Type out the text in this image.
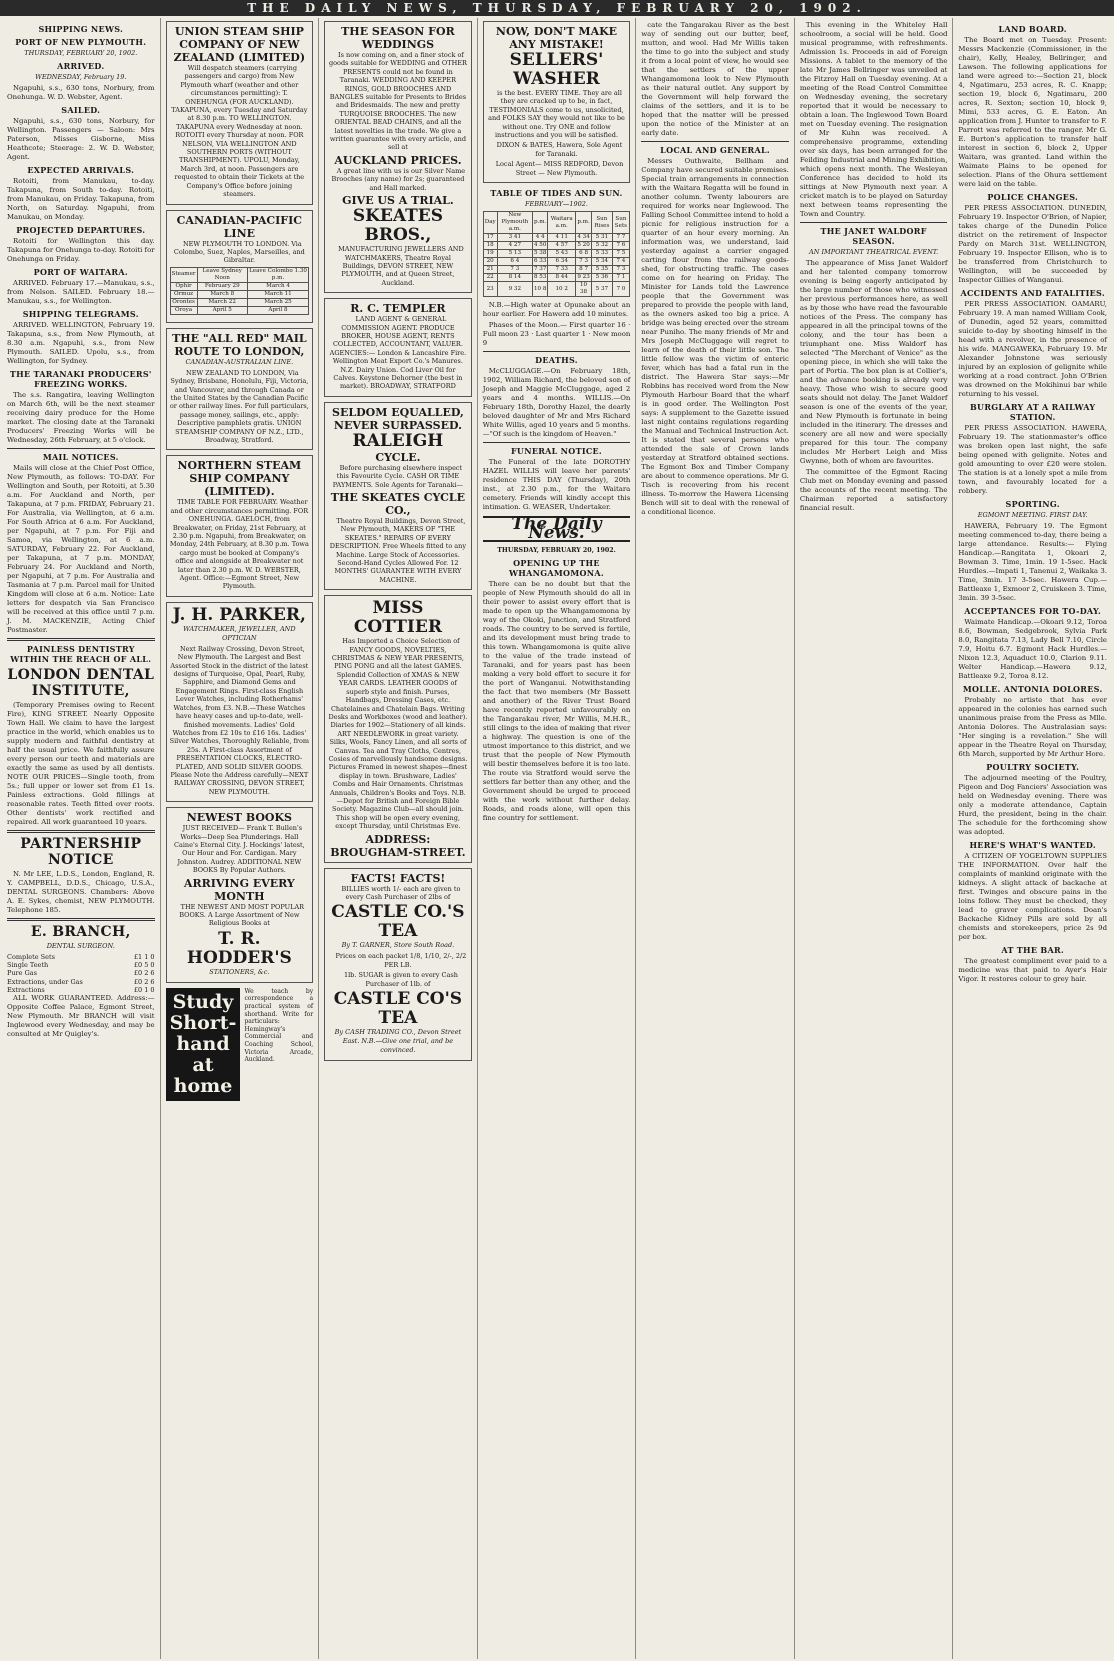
THE DAILY NEWS, THURSDAY, FEBRUARY 20, 1902.
SHIPPING NEWS.
PORT OF NEW PLYMOUTH.
THURSDAY, FEBRUARY 20, 1902.
ARRIVED.
WEDNESDAY, February 19.

Ngapuhi, s.s., 630 tons, Norbury, from Onehunga. W. D. Webster, Agent.

SAILED.

Ngapuhi, s.s., 630 tons, Norbury, for Wellington. Passengers — Saloon: Mrs Paterson, Misses Gisborne, Miss Heathcote; Steerage: 2. W. D. Webster, Agent.

EXPECTED ARRIVALS.

Rotoiti, from Manukau, to-day. Takapuna, from South to-day. Rotoiti, from Manukau, on Friday. Takapuna, from North, on Saturday. Ngapuhi, from Manukau, on Monday.

PROJECTED DEPARTURES.

Rotoiti for Wellington this day. Takapuna for Onehunga to-day. Rotoiti for Onehunga on Friday.

PORT OF WAITARA.

ARRIVED. February 17.—Manukau, s.s., from Nelson. SAILED. February 18.—Manukau, s.s., for Wellington.

SHIPPING TELEGRAMS.

ARRIVED. WELLINGTON, February 19. Takapuna, s.s., from New Plymouth, at 8.30 a.m. Ngapuhi, s.s., from New Plymouth. SAILED. Upolu, s.s., from Wellington, for Sydney.

THE TARANAKI PRODUCERS' FREEZING WORKS.

The s.s. Rangatira, leaving Wellington on March 6th, will be the next steamer receiving dairy produce for the Home market. The closing date at the Taranaki Producers' Freezing Works will be Wednesday, 26th February, at 5 o'clock.

MAIL NOTICES.

Mails will close at the Chief Post Office, New Plymouth, as follows: TO-DAY. For Wellington and South, per Rotoiti, at 5.30 a.m. For Auckland and North, per Takapuna, at 7 p.m. FRIDAY, February 21. For Australia, via Wellington, at 6 a.m. For South Africa at 6 a.m. For Auckland, per Ngapuhi, at 7 p.m. For Fiji and Samoa, via Wellington, at 6 a.m. SATURDAY, February 22. For Auckland, per Takapuna, at 7 p.m. MONDAY, February 24. For Auckland and North, per Ngapuhi, at 7 p.m. For Australia and Tasmania at 7 p.m. Parcel mail for United Kingdom will close at 6 a.m. Notice: Late letters for despatch via San Francisco will be received at this office until 7 p.m. J. M. MACKENZIE, Acting Chief Postmaster.

PAINLESS DENTISTRY WITHIN THE REACH OF ALL.
LONDON DENTAL INSTITUTE,

(Temporary Premises owing to Recent Fire), KING STREET. Nearly Opposite Town Hall. We claim to have the largest practice in the world, which enables us to supply modern and faithful dentistry at half the usual price. We faithfully assure every person our teeth and materials are exactly the same as used by all dentists. NOTE OUR PRICES—Single tooth, from 5s.; full upper or lower set from £1 1s. Painless extractions. Gold fillings at reasonable rates. Teeth fitted over roots. Other dentists' work rectified and repaired. All work guaranteed 10 years.

PARTNERSHIP NOTICE

N. Mr LEE, L.D.S., London, England, R. Y. CAMPBELL, D.D.S., Chicago, U.S.A., DENTAL SURGEONS. Chambers: Above A. E. Sykes, chemist, NEW PLYMOUTH. Telephone 185.

E. BRANCH,
DENTAL SURGEON.
Complete Sets	£1 1 0
Single Teeth	£0 5 0
Pure Gas	£0 2 6
Extractions, under Gas	£0 2 6
Extractions	£0 1 0

ALL WORK GUARANTEED. Address:—Opposite Coffee Palace, Egmont Street, New Plymouth. Mr BRANCH will visit Inglewood every Wednesday, and may be consulted at Mr Quigley's.

UNION STEAM SHIP COMPANY OF NEW ZEALAND (LIMITED)

Will despatch steamers (carrying passengers and cargo) from New Plymouth wharf (weather and other circumstances permitting): T. ONEHUNGA (FOR AUCKLAND). TAKAPUNA, every Tuesday and Saturday at 8.30 p.m. TO WELLINGTON. TAKAPUNA every Wednesday at noon. ROTOITI every Thursday at noon. FOR NELSON, VIA WELLINGTON AND SOUTHERN PORTS (WITHOUT TRANSHIPMENT). UPOLU, Monday, March 3rd, at noon. Passengers are requested to obtain their Tickets at the Company's Office before joining steamers.

CANADIAN-PACIFIC LINE

NEW PLYMOUTH TO LONDON. Via Colombo, Suez, Naples, Marseilles, and Gibraltar.

Steamer	Leave Sydney Noon	Leave Colombo 1.30 p.m.
Ophir	February 29	March 4
Ormuz	March 8	March 11
Orontes	March 22	March 25
Oroya	April 5	April 8
THE "ALL RED" MAIL ROUTE TO LONDON,
CANADIAN-AUSTRALIAN LINE.

NEW ZEALAND TO LONDON, Via Sydney, Brisbane, Honolulu, Fiji, Victoria, and Vancouver, and through Canada or the United States by the Canadian Pacific or other railway lines. For full particulars, passage money, sailings, etc., apply: Descriptive pamphlets gratis. UNION STEAMSHIP COMPANY OF N.Z., LTD., Broadway, Stratford.

NORTHERN STEAM SHIP COMPANY (LIMITED).

TIME TABLE FOR FEBRUARY. Weather and other circumstances permitting. FOR ONEHUNGA. GAELOCH, from Breakwater, on Friday, 21st February, at 2.30 p.m. Ngapuhi, from Breakwater, on Monday, 24th February, at 8.30 p.m. Towa cargo must be booked at Company's office and alongside at Breakwater not later than 2.30 p.m. W. D. WEBSTER, Agent. Office:—Egmont Street, New Plymouth.

J. H. PARKER,
WATCHMAKER, JEWELLER, AND OPTICIAN

Next Railway Crossing, Devon Street, New Plymouth. The Largest and Best Assorted Stock in the district of the latest designs of Turquoise, Opal, Pearl, Ruby, Sapphire, and Diamond Gems and Engagement Rings. First-class English Lever Watches, including Rotherhams' Watches, from £3. N.B.—These Watches have heavy cases and up-to-date, well-finished movements. Ladies' Gold Watches from £2 10s to £16 16s. Ladies' Silver Watches, Thoroughly Reliable, from 25s. A First-class Assortment of PRESENTATION CLOCKS, ELECTRO-PLATED, AND SOLID SILVER GOODS. Please Note the Address carefully—NEXT RAILWAY CROSSING, DEVON STREET, NEW PLYMOUTH.

NEWEST BOOKS

JUST RECEIVED— Frank T. Bullen's Works—Deep Sea Plunderings. Hall Caine's Eternal City. J. Hockings' latest, Our Hour and For. Cardigan. Mary Johnston. Audrey. ADDITIONAL NEW BOOKS By Popular Authors.

ARRIVING EVERY MONTH

THE NEWEST AND MOST POPULAR BOOKS. A Large Assortment of New Religious Books at

T. R. HODDER'S
STATIONERS, &c.
Study Short-hand at home
We teach by correspondence a practical system of shorthand. Write for particulars: Hemingway's Commercial and Coaching School, Victoria Arcade, Auckland.
THE SEASON FOR WEDDINGS

Is now coming on, and a finer stock of goods suitable for WEDDING and OTHER PRESENTS could not be found in Taranaki. WEDDING AND KEEPER RINGS, GOLD BROOCHES AND BANGLES suitable for Presents to Brides and Bridesmaids. The new and pretty TURQUOISE BROOCHES. The new ORIENTAL BEAD CHAINS, and all the latest novelties in the trade. We give a written guarantee with every article, and sell at

AUCKLAND PRICES.

A great line with us is our Silver Name Brooches (any name) for 2s; guaranteed and Hall marked.

GIVE US A TRIAL.
SKEATES BROS.,

MANUFACTURING JEWELLERS AND WATCHMAKERS, Theatre Royal Buildings, DEVON STREET, NEW PLYMOUTH, and at Queen Street, Auckland.

R. C. TEMPLER

LAND AGENT & GENERAL COMMISSION AGENT. PRODUCE BROKER, HOUSE AGENT, RENTS COLLECTED, ACCOUNTANT, VALUER. AGENCIES:— London & Lancashire Fire. Wellington Meat Export Co.'s Manures. N.Z. Dairy Union. Cod Liver Oil for Calves. Keystone Dehorner (the best in market). BROADWAY, STRATFORD

SELDOM EQUALLED, NEVER SURPASSED.
RALEIGH
CYCLE.

Before purchasing elsewhere inspect this Favourite Cycle. CASH OR TIME PAYMENTS. Sole Agents for Taranaki—

THE SKEATES CYCLE CO.,

Theatre Royal Buildings, Devon Street, New Plymouth, MAKERS OF "THE SKEATES." REPAIRS OF EVERY DESCRIPTION. Free Wheels fitted to any Machine. Large Stock of Accessories. Second-Hand Cycles Allowed For. 12 MONTHS' GUARANTEE WITH EVERY MACHINE.

MISS COTTIER

Has Imported a Choice Selection of FANCY GOODS, NOVELTIES, CHRISTMAS & NEW YEAR PRESENTS, PING PONG and all the latest GAMES. Splendid Collection of XMAS & NEW YEAR CARDS. LEATHER GOODS of superb style and finish. Purses, Handbags, Dressing Cases, etc. Chatelaines and Chatelain Bags. Writing Desks and Workboxes (wood and leather). Diaries for 1902—Stationery of all kinds. ART NEEDLEWORK in great variety. Silks, Wools, Fancy Linen, and all sorts of Canvas. Tea and Tray Cloths, Centres, Cosies of marvellously handsome designs. Pictures Framed in newest shapes—finest display in town. Brushware, Ladies' Combs and Hair Ornaments. Christmas Annuals, Children's Books and Toys. N.B.—Depot for British and Foreign Bible Society. Magazine Club—all should join. This shop will be open every evening, except Thursday, until Christmas Eve.

ADDRESS: BROUGHAM-STREET.
FACTS! FACTS!

BILLIES worth 1/- each are given to every Cash Purchaser of 2lbs of

CASTLE CO.'S TEA
By T. GARNER, Store South Road.

Prices on each packet 1/8, 1/10, 2/-, 2/2 PER LB.

1lb. SUGAR is given to every Cash Purchaser of 1lb. of

CASTLE CO'S TEA
By CASH TRADING CO., Devon Street East. N.B.—Give one trial, and be convinced.
NOW, DON'T MAKE ANY MISTAKE!
SELLERS' WASHER

is the best. EVERY TIME. They are all they are cracked up to be, in fact, TESTIMONIALS come to us, unsolicited, and FOLKS SAY they would not like to be without one. Try ONE and follow instructions and you will be satisfied.

DIXON & BATES, Hawera, Sole Agent for Taranaki.

Local Agent— MISS REDFORD, Devon Street — New Plymouth.

TABLE OF TIDES AND SUN.
FEBRUARY—1902.
Day	New Plymouth a.m.	p.m.	Waitara a.m.	p.m.	Sun Rises	Sun Sets
17	3 41	4 4	4 11	4 34	5 31	7 7
18	4 27	4 50	4 57	5 20	5 32	7 6
19	5 13	5 38	5 43	6 8	5 33	7 5
20	6 4	6 33	6 34	7 3	5 34	7 4
21	7 3	7 37	7 33	8 7	5 35	7 3
22	8 14	8 53	8 44	9 23	5 36	7 1
23	9 32	10 8	10 2	10 38	5 37	7 0

N.B.—High water at Opunake about an hour earlier. For Hawera add 10 minutes.

Phases of the Moon.— First quarter 16 · Full moon 23 · Last quarter 1 · New moon 9

DEATHS.

McCLUGGAGE.—On February 18th, 1902, William Richard, the beloved son of Joseph and Maggie McCluggage, aged 2 years and 4 months. WILLIS.—On February 18th, Dorothy Hazel, the dearly beloved daughter of Mr and Mrs Richard White Willis, aged 10 years and 5 months.—"Of such is the kingdom of Heaven."

FUNERAL NOTICE.

The Funeral of the late DOROTHY HAZEL WILLIS will leave her parents' residence THIS DAY (Thursday), 20th inst., at 2.30 p.m., for the Waitara cemetery. Friends will kindly accept this intimation. G. WEASER, Undertaker.

The Daily News.
THURSDAY, FEBRUARY 20, 1902.
OPENING UP THE WHANGAMOMONA.

There can be no doubt but that the people of New Plymouth should do all in their power to assist every effort that is made to open up the Whangamomona by way of the Okoki, Junction, and Stratford roads. The country to be served is fertile, and its development must bring trade to this town. Whangamomona is quite alive to the value of the trade instead of Taranaki, and for years past has been making a very bold effort to secure it for the port of Wanganui. Notwithstanding the fact that two members (Mr Bassett and another) of the River Trust Board have recently reported unfavourably on the Tangarakau river, Mr Willis, M.H.R., still clings to the idea of making that river a highway. The question is one of the utmost importance to this district, and we trust that the people of New Plymouth will bestir themselves before it is too late. The route via Stratford would serve the settlers far better than any other, and the Government should be urged to proceed with the work without further delay. Roads, and roads alone, will open this fine country for settlement.

cate the Tangarakau River as the best way of sending out our butter, beef, mutton, and wool. Had Mr Willis taken the time to go into the subject and study it from a local point of view, he would see that the settlers of the upper Whangamomona look to New Plymouth as their natural outlet. Any support by the Government will help forward the claims of the settlers, and it is to be hoped that the matter will be pressed upon the notice of the Minister at an early date.

LOCAL AND GENERAL.

Messrs Outhwaite, Bellham and Company have secured suitable premises. Special train arrangements in connection with the Waitara Regatta will be found in another column. Twenty labourers are required for works near Inglewood. The Falling School Committee intend to hold a picnic for religious instruction for a quarter of an hour every morning. An information was, we understand, laid yesterday against a carrier engaged carting flour from the railway goods-shed, for obstructing traffic. The cases come on for hearing on Friday. The Minister for Lands told the Lawrence people that the Government was prepared to provide the people with land, as the owners asked too big a price. A bridge was being erected over the stream near Puniho. The many friends of Mr and Mrs Joseph McCluggage will regret to learn of the death of their little son. The little fellow was the victim of enteric fever, which has had a fatal run in the district. The Hawera Star says:—Mr Robbins has received word from the New Plymouth Harbour Board that the wharf is in good order. The Wellington Post says: A supplement to the Gazette issued last night contains regulations regarding the Manual and Technical Instruction Act. It is stated that several persons who attended the sale of Crown lands yesterday at Stratford obtained sections. The Egmont Box and Timber Company are about to commence operations. Mr G. Tisch is recovering from his recent illness. To-morrow the Hawera Licensing Bench will sit to deal with the renewal of a conditional licence.

This evening in the Whiteley Hall schoolroom, a social will be held. Good musical programme, with refreshments. Admission 1s. Proceeds in aid of Foreign Missions. A tablet to the memory of the late Mr James Bellringer was unveiled at the Fitzroy Hall on Tuesday evening. At a meeting of the Road Control Committee on Wednesday evening, the secretary reported that it would be necessary to obtain a loan. The Inglewood Town Board met on Tuesday evening. The resignation of Mr Kuhn was received. A comprehensive programme, extending over six days, has been arranged for the Feilding Industrial and Mining Exhibition, which opens next month. The Wesleyan Conference has decided to hold its sittings at New Plymouth next year. A cricket match is to be played on Saturday next between teams representing the Town and Country.

THE JANET WALDORF SEASON.
AN IMPORTANT THEATRICAL EVENT.

The appearance of Miss Janet Waldorf and her talented company tomorrow evening is being eagerly anticipated by the large number of those who witnessed her previous performances here, as well as by those who have read the favourable notices of the Press. The company has appeared in all the principal towns of the colony, and the tour has been a triumphant one. Miss Waldorf has selected "The Merchant of Venice" as the opening piece, in which she will take the part of Portia. The box plan is at Collier's, and the advance booking is already very heavy. Those who wish to secure good seats should not delay. The Janet Waldorf season is one of the events of the year, and New Plymouth is fortunate in being included in the itinerary. The dresses and scenery are all new and were specially prepared for this tour. The company includes Mr Herbert Leigh and Miss Gwynne, both of whom are favourites.

The committee of the Egmont Racing Club met on Monday evening and passed the accounts of the recent meeting. The Chairman reported a satisfactory financial result.

LAND BOARD.

The Board met on Tuesday. Present: Messrs Mackenzie (Commissioner, in the chair), Kelly, Healey, Bellringer, and Lawson. The following applications for land were agreed to:—Section 21, block 4, Ngatimaru, 253 acres, R. C. Knapp; section 19, block 6, Ngatimaru, 200 acres, R. Sexton; section 10, block 9, Mimi, 533 acres, G. E. Eaton. An application from J. Hunter to transfer to F. Parrott was referred to the ranger. Mr G. E. Burton's application to transfer half interest in section 6, block 2, Upper Waitara, was granted. Land within the Waimate Plains to be opened for selection. Plans of the Ohura settlement were laid on the table.

POLICE CHANGES.

PER PRESS ASSOCIATION. DUNEDIN, February 19. Inspector O'Brien, of Napier, takes charge of the Dunedin Police district on the retirement of Inspector Pardy on March 31st. WELLINGTON, February 19. Inspector Ellison, who is to be transferred from Christchurch to Wellington, will be succeeded by Inspector Gillies of Wanganui.

ACCIDENTS AND FATALITIES.

PER PRESS ASSOCIATION. OAMARU, February 19. A man named William Cook, of Dunedin, aged 52 years, committed suicide to-day by shooting himself in the head with a revolver, in the presence of his wife. MANGAWEKA, February 19. Mr Alexander Johnstone was seriously injured by an explosion of gelignite while working at a road contract. John O'Brien was drowned on the Mokihinui bar while returning to his vessel.

BURGLARY AT A RAILWAY STATION.

PER PRESS ASSOCIATION. HAWERA, February 19. The stationmaster's office was broken open last night, the safe being opened with gelignite. Notes and gold amounting to over £20 were stolen. The station is at a lonely spot a mile from town, and favourably located for a robbery.

SPORTING.
EGMONT MEETING. FIRST DAY.

HAWERA, February 19. The Egmont meeting commenced to-day, there being a large attendance. Results:— Flying Handicap.—Rangitata 1, Okoari 2, Bowman 3. Time, 1min. 19 1-5sec. Hack Hurdles.—Impati 1, Tanenui 2, Waikaka 3. Time, 3min. 17 3-5sec. Hawera Cup.—Battleaxe 1, Exmoor 2, Cruiskeen 3. Time, 3min. 39 3-5sec.

ACCEPTANCES FOR TO-DAY.

Waimate Handicap.—Okoari 9.12, Toroa 8.6, Bowman, Sedgebrook, Sylvia Park 8.0, Rangitata 7.13, Lady Bell 7.10, Circle 7.9, Hoitu 6.7. Egmont Hack Hurdles.—Nixon 12.3, Aquaduct 10.0, Clarion 9.11. Welter Handicap.—Hawera 9.12, Battleaxe 9.2, Toroa 8.12.

MOLLE. ANTONIA DOLORES.

Probably no artiste that has ever appeared in the colonies has earned such unanimous praise from the Press as Mlle. Antonia Dolores. The Australasian says: "Her singing is a revelation." She will appear in the Theatre Royal on Thursday, 6th March, supported by Mr Arthur Hore.

POULTRY SOCIETY.

The adjourned meeting of the Poultry, Pigeon and Dog Fanciers' Association was held on Wednesday evening. There was only a moderate attendance, Captain Hurd, the president, being in the chair. The schedule for the forthcoming show was adopted.

HERE'S WHAT'S WANTED.

A CITIZEN OF YOGELTOWN SUPPLIES THE INFORMATION. Over half the complaints of mankind originate with the kidneys. A slight attack of backache at first. Twinges and obscure pains in the loins follow. They must be checked, they lead to graver complications. Doan's Backache Kidney Pills are sold by all chemists and storekeepers, price 2s 9d per box.

AT THE BAR.

The greatest compliment ever paid to a medicine was that paid to Ayer's Hair Vigor. It restores colour to grey hair.
